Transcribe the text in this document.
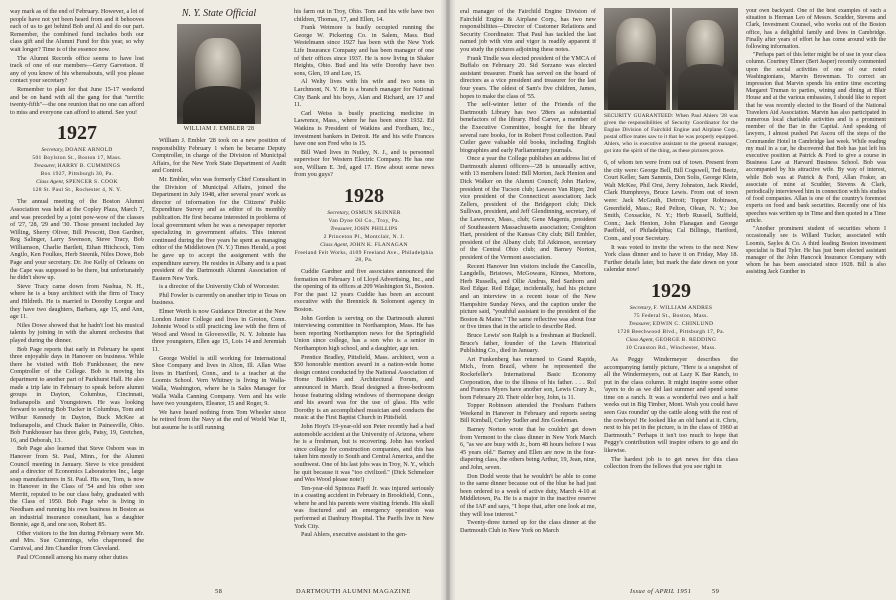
way mark as of the end of February. However, a lot of people have not yet been heard from and it behooves each of us to get behind Bob and Al and do our part. Remember, the combined fund includes both our class gift and the Alumni Fund for this year, so why wait longer? Time is of the essence now.

The Alumni Records office seems to have lost track of one of our members—Gerry Garvetson. If any of you know of his whereabouts, will you please contact your secretary?

Remember to plan for that June 15-17 weekend and be on hand with all the gang for that "terrific twenty-fifth"—the one reunion that no one can afford to miss and everyone can afford to attend. See you!

1927

Secretary, DOANE ARNOLD

501 Boylston St., Boston 17, Mass.

Treasurer, HARRY B. CUMMINGS

Box 1927, Pittsburgh 30, Pa.

Class Agent, SPENCER S. COOK

128 St. Paul St., Rochester 4, N. Y.

The annual meeting of the Boston Alumni Association was held at the Copley Plaza, March 7, and was preceded by a joint pow-wow of the classes of '27, '28, '29 and '30. Those present included Jay Willing, Sherry Oliver, Bill Prescott, Don Gardner, Reg Salinger, Larry Swenson, Steve Tracy, Bob Williamson, Charlie Bartlett, Ethan Hitchcock, Tom Angilo, Ken Foulkes, Herb Steenik, Niles Dowe, Bob Page and your secretary. Dr. Joe Kelly of Orleans on the Cape was supposed to be there, but unfortunately he didn't show up.

Steve Tracy came down from Nashua, N. H., where he is a busy architect with the firm of Tracy and Hildreth. He is married to Dorothy Lorgue and they have two daughters, Barbara, age 15, and Ann, age 11.

Niles Dowe showed that he hadn't lost his musical talents by joining in with the alumni orchestra that played during the dinner.

Bob Page reports that early in February he spent three enjoyable days in Hanover on business. While there he visited with Bob Funkhouser, the new Comptroller of the College. Bob is moving his department to another part of Parkhurst Hall. He also made a trip late in February to speak before alumni groups in Dayton, Columbus, Cincinnati, Indianapolis and Youngstown. He was looking forward to seeing Bob Tucker in Columbus, Tom and Wilbur Kennedy in Dayton, Buck McKee at Indianapolis, and Chuck Baker in Painesville, Ohio. Bob Funkhouser has three girls, Patsy, 19, Gretchen, 16, and Deborah, 13.

Bob Page also learned that Steve Osborn was in Hanover from St. Paul, Minn., for the Alumni Council meeting in January. Steve is vice president and a director of Economics Laboratories Inc., large soap manufacturers in St. Paul. His son, Tom, is now in Hanover in the Class of '54 and his other son Merritt, reputed to be our class baby, graduated with the Class of 1950. Bob Page who is living in Needham and running his own business in Boston as an industrial insurance consultant, has a daughter Bonnie, age 8, and one son, Robert 85.

Other visitors to the Inn during February were Mr. and Mrs. Sue Cummings, who chaperoned the Carnival, and Jim Chandler from Cleveland.

Paul O'Connell among his many other duties

N. Y. State Official
WILLIAM J. EMBLER '28

William J. Embler '28 took on a new position of responsibility February 1 when he became Deputy Comptroller, in charge of the Division of Municipal Affairs, for the New York State Department of Audit and Control.

Mr. Embler, who was formerly Chief Consultant in the Division of Municipal Affairs, joined the Department in July 1948, after several years' work as director of information for the Citizens' Public Expenditure Survey and as editor of its monthly publication. He first became interested in problems of local government when he was a newspaper reporter specializing in government affairs. This interest continued during the five years he spent as managing editor of the Middletown (N. Y.) Times Herald, a post he gave up to accept the assignment with the expenditure survey. He resides in Albany and is a past president of the Dartmouth Alumni Association of Eastern New York.

is a director of the University Club of Worcester.

Phil Fowler is currently on another trip to Texas on business.

Elmer Werth is now Guidance Director at the New London Junior College and lives in Groton, Conn. Johnnie Wood is still practicing law with the firm of Wood and Wood in Gloversville, N. Y. Johnnie has three youngsters, Ellen age 15, Lois 14 and Jeremiah 11.

George Wolfel is still working for International Shoe Company and lives in Alton, Ill. Allan Wise lives in Hartford, Conn., and is a teacher at the Loomis School. Vern Whitney is living in Walla-Walla, Washington, where he is Sales Manager for Walla Walla Canning Company. Vern and his wife have two youngsters, Eleanor, 15 and Roger, 9.

We have heard nothing from Tom Wheeler since he retired from the Navy at the end of World War II, but assume he is still running

his farm out in Troy, Ohio. Tom and his wife have two children, Thomas, 17, and Ellen, 14.

Frank Wetmore is busily occupied running the George W. Pickering Co. in Salem, Mass. Bud Westelmann since 1927 has been with the New York Life Insurance Company and has been manager of one of their offices since 1937. He is now living in Shaker Heights, Ohio. Bud and his wife Dorothy have two sons, Glen, 19 and Lee, 15.

Al Welty lives with his wife and two sons in Larchmont, N. Y. He is a branch manager for National City Bank and his boys, Alan and Richard, are 17 and 11.

Carl Weiss is busily practicing medicine in Lawrence, Mass., where he has been since 1932. Ed Watkins is President of Watkins and Fordham, Inc., investment bankers in Detroit. He and his wife Frances have one son Fred who is 15.

Bill Ward lives in Nutley, N. J., and is personnel supervisor for Western Electric Company. He has one son, William E. 3rd, aged 17. How about some news from you guys?

1928

Secretary, OSMUN SKINNER

Van Dyne Oil Co., Troy, Pa.

Treasurer, JOHN PHILLIPS

2 Princeton Pl., Montclair, N. J.

Class Agent, JOHN K. FLANAGAN

Freeland Felt Works, 4109 Freeland Ave., Philadelphia 28, Pa.

Cuddie Gardner and five associates announced the formation on February 1 of Lloyd Advertising, Inc., and the opening of its offices at 209 Washington St., Boston. For the past 12 years Cuddie has been an account executive with the Brennick & Solomont agency in Boston.

John Gordon is serving on the Dartmouth alumni interviewing committee in Northampton, Mass. He has been reporting Northampton news for the Springfield Union since college, has a son who is a senior in Northampton high school, and a daughter, age ten.

Prentice Bradley, Pittsfield, Mass. architect, won a $50 honorable mention award in a nation-wide home design contest conducted by the National Association of Home Builders and Architectural Forum, and announced in March. Brad designed a three-bedroom house featuring sliding windows of thermopane design and his award was for the use of glass. His wife Dorothy is an accomplished musician and conducts the music at the First Baptist Church in Pittsfield.

John Hoyt's 19-year-old son Peter recently had a bad automobile accident at the University of Arizona, where he is a freshman, but is recovering. John has worked since college for construction companies, and this has taken him mostly to South and Central America, and the southwest. One of his last jobs was in Troy, N. Y., which he quit because it was "too civilized." (Dick Schmelzer and Wes Wood please note!)

Ten-year-old Spinoza Paeff Jr. was injured seriously in a coasting accident in February in Brookfield, Conn., where he and his parents were visiting friends. His skull was fractured and an emergency operation was performed at Danbury Hospital. The Paeffs live in New York City.

Paul Ahlers, executive assistant to the gen-

58	DARTMOUTH ALUMNI MAGAZINE

eral manager of the Fairchild Engine Division of Fairchild Engine & Airplane Corp., has two new responsibilities—Director of Customer Relations and Security Coordinator. That Paul has tackled the last named job with vim and vigor is readily apparent if you study the pictures adjoining these notes.

Frank Tindle was elected president of the YMCA of Buffalo on February 20. Sid Sorzano was elected assistant treasurer. Frank has served on the board of directors as a vice president and treasurer for the last four years. The oldest of Sam's five children, James, hopes to make the class of '55.

The self-winter letter of the Friends of the Dartmouth Library has two '28ers as substantial benefactors of the library. Hod Carver, a member of the Executive Committee, bought for the library several rare books, for in Robert Frost collection. Paul Cutler gave valuable old books, including English biographies and early Parliamentary journals.

Once a year the College publishes an address list of Dartmouth alumni officers—'28 is unusually active, with 13 members listed: Bill Morton, Jack Henion and Dick Walker on the Alumni Council; John Harlow, president of the Tucson club; Lawson Van Riper, 2nd vice president of the Connecticut association; Jack Zellers, president of the Bridgeport club; Dick Sullivan, president, and Jeff Glendinning, secretary, of the Lawrence, Mass., club; Gene Magenis, president of Southeastern Massachusetts association; Creighton Hart, president of the Kansas City club; Bill Embler, president of the Albany club; Ed Atkinson, secretary of the Central Ohio club; and Barney Norton, president of the Vermont association.

Recent Hanover Inn visitors include the Cancellis, Langdells, Bristows, McGowans, Kinnes, Mortons, Herb Russells, and Ollie Andrus, Red Sanborn and Red Edgar. Red Edgar, incidentally, had his picture and an interview in a recent issue of the New Hampshire Sunday News, and the caption under the picture said, "youthful assistant to the president of the Boston & Maine." The same reflective was about four or five times that in the article to describe Red.

Bruce Lewis' son Ralph is a freshman at Bucknell. Bruce's father, founder of the Lewis Historical Publishing Co., died in January.

Art Funkenberg has returned to Grand Rapids, Mich., from Brazil, where he represented the Rockefeller's International Basic Economy Corporation, due to the illness of his father. . . . Rol and Frances Myers have another son, Lewis Crary Jr., born February 20. Their older boy, John, is 11.

Topper Robinson attended the Fresham Fathers Weekend in Hanover in February and reports seeing Bill Kimball, Curley Sudler and Jim Gooleman.

Barney Norton wrote that he couldn't get down from Vermont to the class dinner in New York March 6, "as we are busy with Jr., born 48 hours before I was 45 years old." Barney and Ellen are now in the four-diapering class, the others being Arthur, 19, Jean, nine, and John, seven.

Don Dodd wrote that he wouldn't be able to come to the same dinner because out of the blue he had just been ordered to a week of active duty, March 4-10 at Middletown, Pa. He is a major in the inactive reserve of the IAF and says, "I hope that, after one look at me, they will lose interest."

Twenty-three turned up for the class dinner at the Dartmouth Club in New York on March

SECURITY GUARANTEED: When Paul Ahlers '28 was given the responsibilities of Security Coordinator for the Engine Division of Fairchild Engine and Airplane Corp., postal office mates saw to it that he was properly equipped. Ahlers, who is executive assistant to the general manager, got into the spirit of the thing, as these pictures prove.

6, of whom ten were from out of town. Present from the city were: George Bell, Bill Cogswell, Ted Beetz, Court Keller, Sam Sammis, Don Solis, George Klein, Walt McKee, Phil Orsi, Jerry Johnston, Jack Riedel, Clark Humphreys, Bruce Lewis. From out of town were: Jack McGrath, Detroit; Topper Robinson, Greenfield, Mass.; Red Pelton, Olean, N. Y.; Joe Smith, Coxsackie, N. Y.; Herb Russell, Suffield, Conn.; Jack Henion, John Flanagan and George Paeffeld, of Philadelphia; Cal Billings, Hartford, Conn., and your Secretary.

It was voted to invite the wives to the next New York class dinner and to have it on Friday, May 18. Further details later, but mark the date down on your calendar now!

1929

Secretary, F. WILLIAM ANDRES

75 Federal St., Boston, Mass.

Treasurer, EDWIN C. CHINLUND

1728 Beechwood Blvd., Pittsburgh 17, Pa.

Class Agent, GEORGE B. REDDING

10 Cranston Rd., Winchester, Mass.

As Peggy Windermeyer describes the accompanying family picture, "Here is a snapshot of all the Windermeyers, out at Lazy K Bar Ranch, to put in the class column. It might inspire some other 'ayers to do as we did last summer and spend some time on a ranch. It was a wonderful two and a half weeks out in Big Timber, Mont. Wish you could have seen Gus roundin' up the cattle along with the rest of the cowboys! He looked like an old hand at it. Chris, next to his pet in the picture, is in the class of 1960 at Dartmouth." Perhaps it isn't too much to hope that Peggy's contribution will inspire others to go and do likewise.

The hardest job is to get news for this class collection from the fellows that you see right in

your own backyard. One of the best examples of such a situation is Herman Leo of Messrs. Scudder, Stevens and Clark, Investment Counsel, who works out of the Boston office, has a delightful family and lives in Cambridge. Finally after years of effort he has come around with the following information.

"Perhaps part of this letter might be of use in your class column. Courtney Elmer (Bert Jasper) recently commented upon the social activities of one of our noted Washingtonians, Marvin Brownman. To correct an impression that Marvin spends his entire time escorting Margaret Truman to parties, wining and dining at Blair House and at the various embassies, I should like to report that he was recently elected to the Board of the National Travelers Aid Association. Marvin has also participated in numerous local charitable activities and is a prominent member of the Bar in the Capital. And speaking of lawyers, I almost pushed Pat Ascou off the steps of the Commander Hotel in Cambridge last week. While reading my mail in a car, he discovered that Bob has just left his executive position at Patrick & Ford to give a course in Business Law at Harvard Business School. Bob was accompanied by his attractive wife. By way of interest, while Bob was at Patrick & Ford, Allan Fraker, an associate of mine at Scudder, Stevens & Clark, periodically interviewed him in connection with his studies of food companies. Allan is one of the country's foremost experts on food and bank securities. Recently one of his speeches was written up in Time and then quoted in a Time article.

"Another prominent student of securities whom I occasionally see is Willard Tucker, associated with Loomis, Sayles & Co. A third leading Boston investment specialist is Bud Tyler. He has just been elected assistant manager of the John Hancock Insurance Company with whom he has been associated since 1928. Bill is also assisting Jack Gunther in

Issue of APRIL 1951	59
